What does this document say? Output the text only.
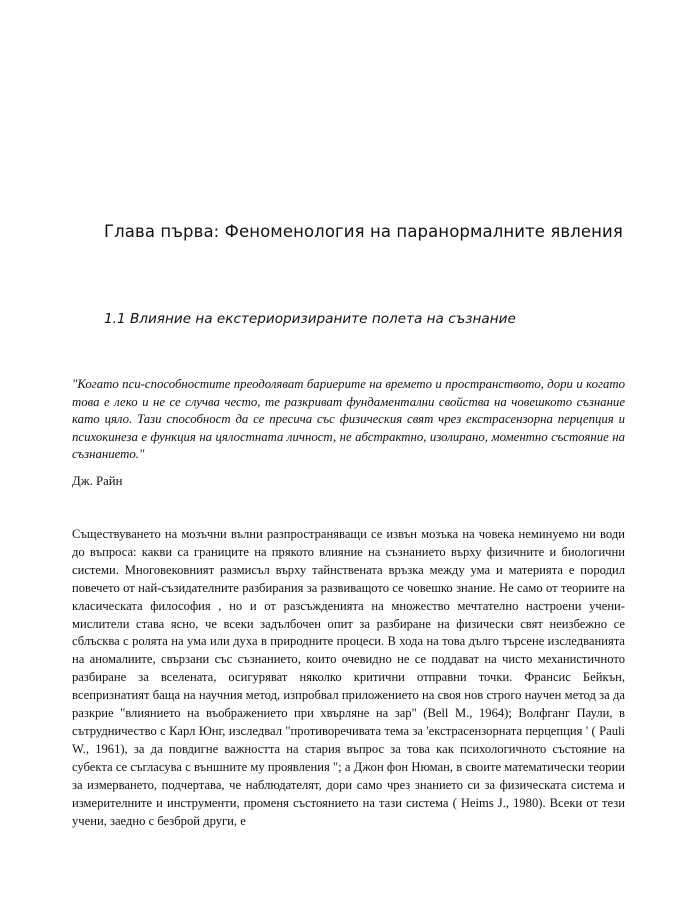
Глава първа: Феноменология на паранормалните явления
1.1 Влияние на екстериоризираните полета на съзнание

"Когато пси-способностите преодоляват бариерите на времето и пространството, дори и когато това е леко и не се случва често, те разкриват фундаментални свойства на човешкото съзнание като цяло. Тази способност да се пресича със физическия свят чрез екстрасензорна перцепция и психокинеза е функция на цялостната личност, не абстрактно, изолирано, моментно състояние на съзнанието."

Дж. Райн

Съществуването на мозъчни вълни разпространяващи се извън мозъка на човека неминуемо ни води до въпроса: какви са границите на прякото влияние на съзнанието върху физичните и биологични системи. Многовековният размисъл върху тайнствената връзка между ума и материята е породил повечето от най-съзидателните разбирания за развиващото се човешко знание. Не само от теориите на класическата философия , но и от разсъжденията на множество мечтателно настроени учени-мислители става ясно, че всеки задълбочен опит за разбиране на физически свят неизбежно се сблъсква с ролята на ума или духа в природните процеси. В хода на това дълго търсене изследванията на аномалиите, свързани със съзнанието, които очевидно не се поддават на чисто механистичното разбиране за вселената, осигуряват няколко критични отправни точки. Франсис Бейкън, всепризнатият баща на научния метод, изпробвал приложението на своя нов строго научен метод за да разкрие "влиянието на въображението при хвърляне на зар" (Bell M., 1964); Волфганг Паули, в сътрудничество с Карл Юнг, изследвал "противоречивата тема за 'екстрасензорната перцепция ' ( Pauli W., 1961), за да повдигне важността на стария въпрос за това как психологичното състояние на субекта се съгласува с външните му проявления "; а Джон фон Нюман, в своите математически теории за измерването, подчертава, че наблюдателят, дори само чрез знанието си за физическата система и измерителните и инструменти, променя състоянието на тази система ( Heims J., 1980). Всеки от тези учени, заедно с безброй други, е
